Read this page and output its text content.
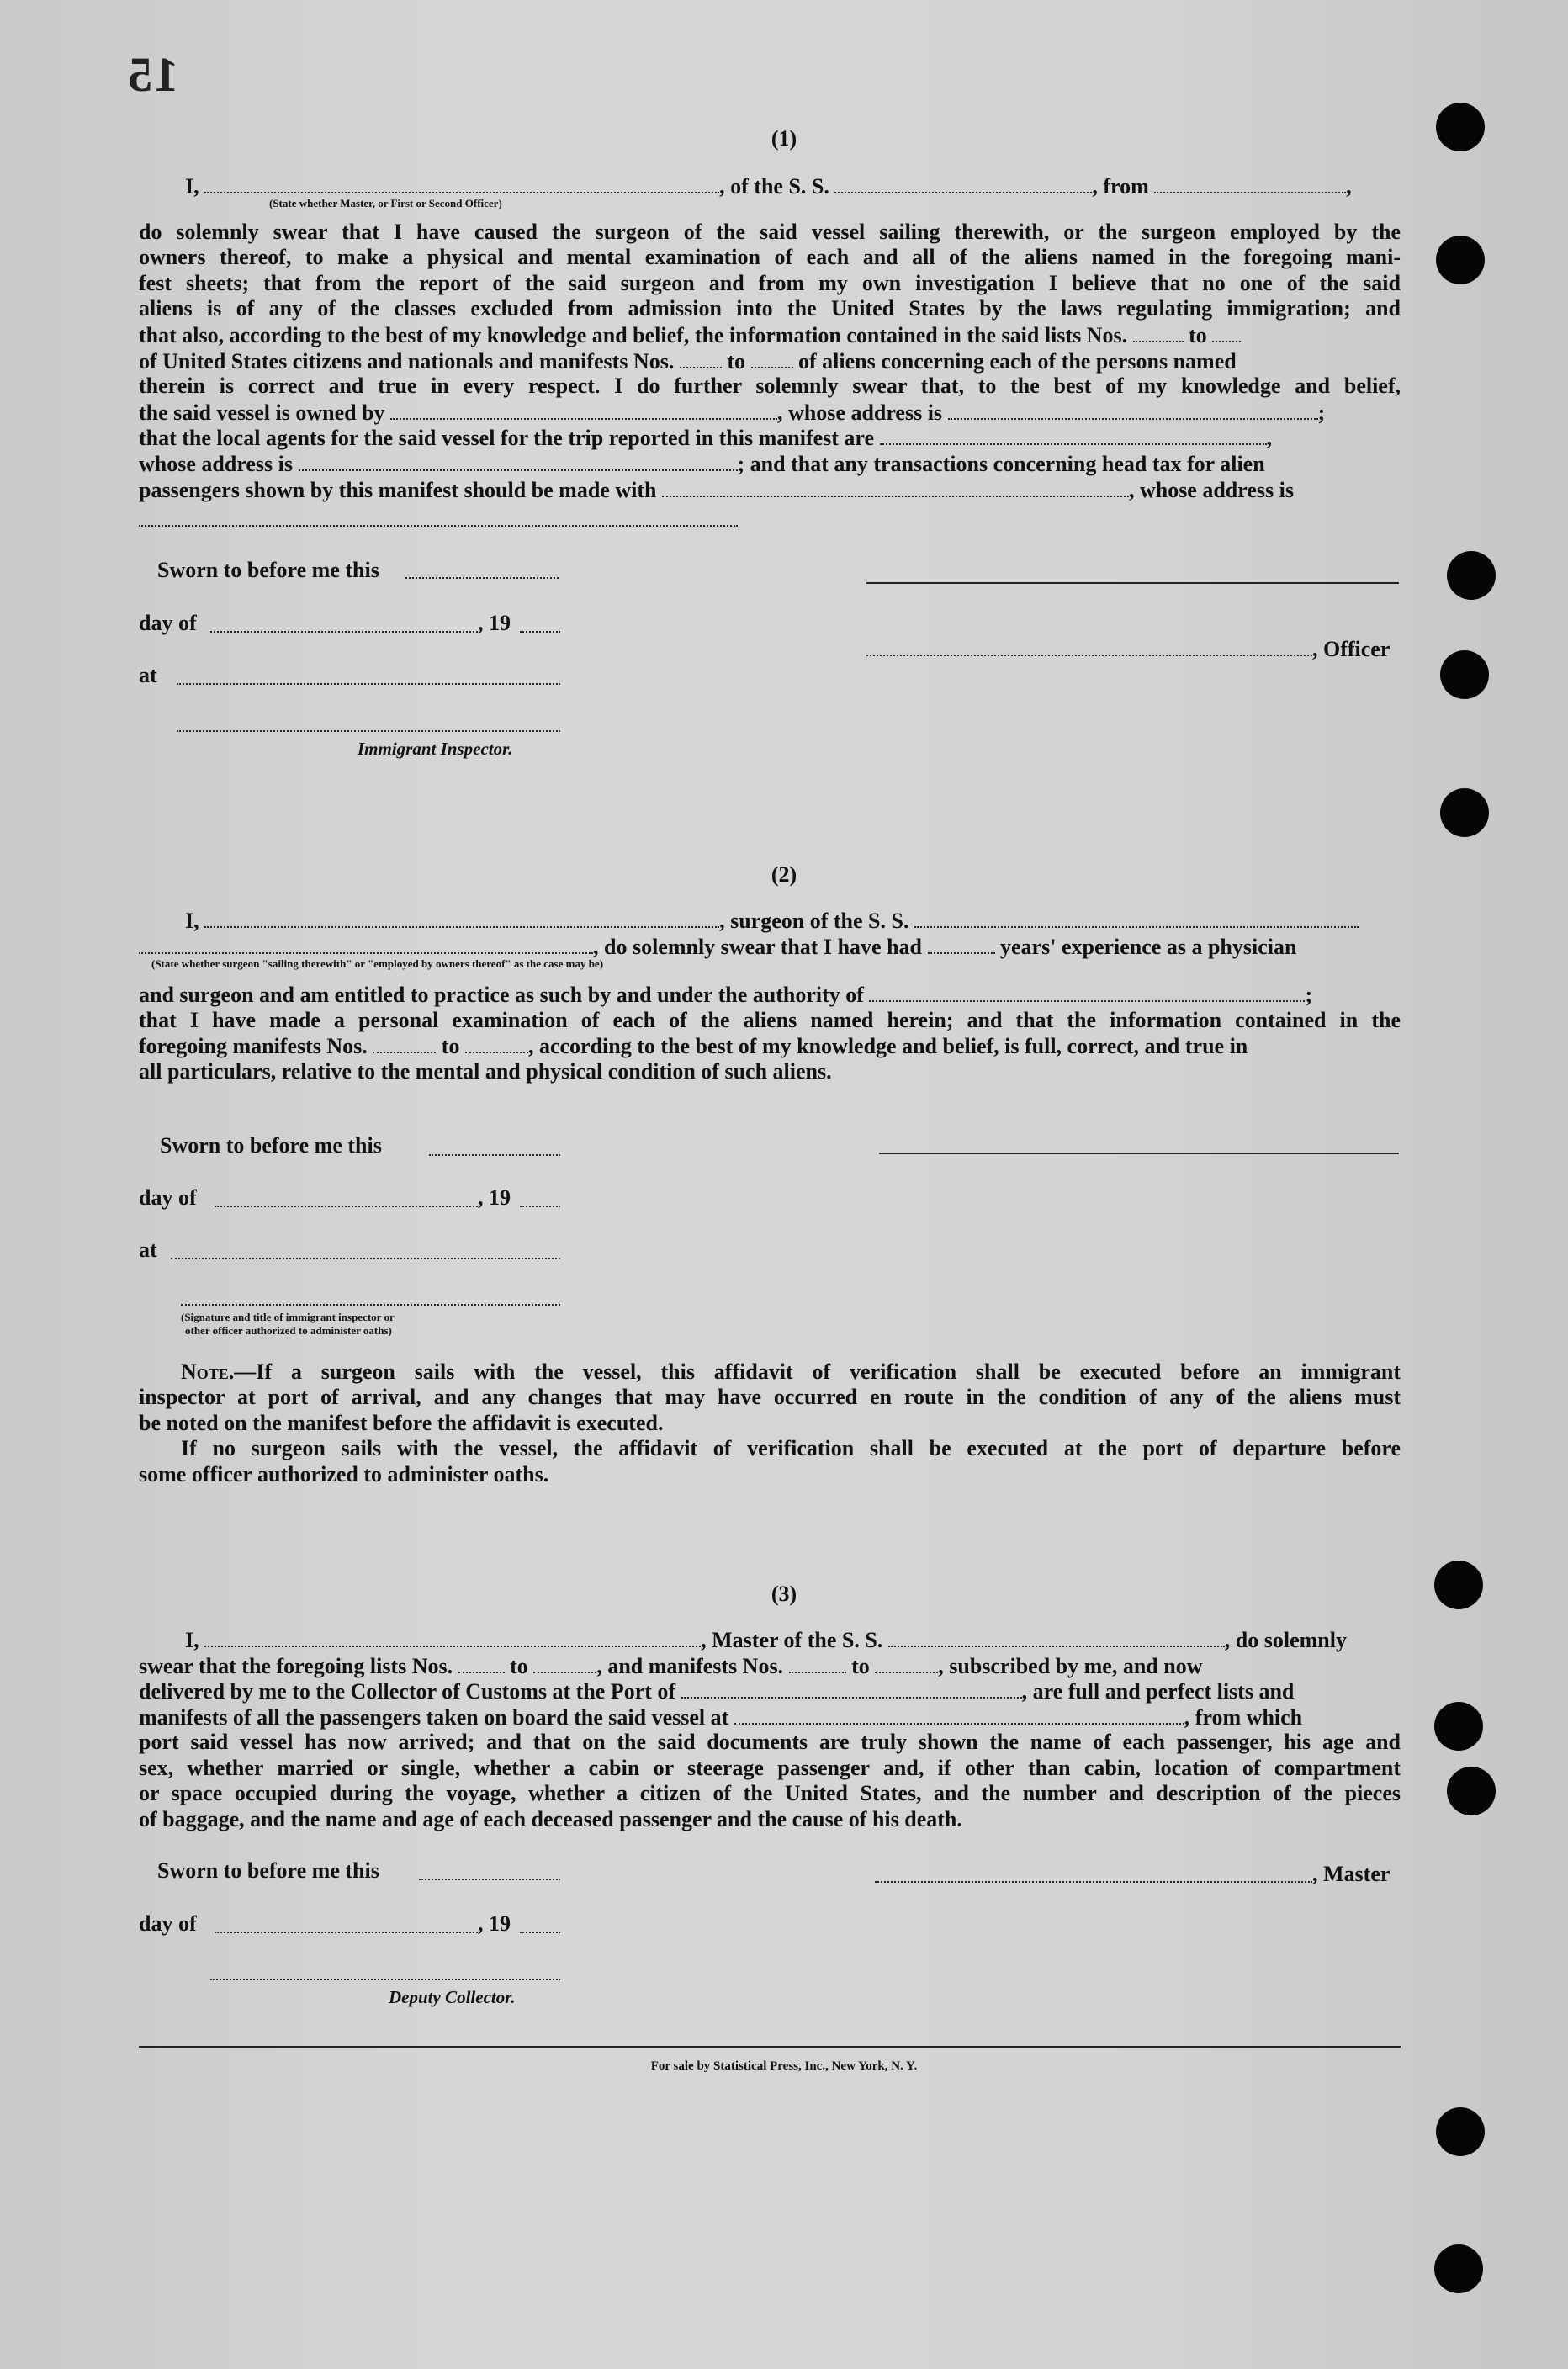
15
(1)
I,	, of the S. S.	, from	,
(State whether Master, or First or Second Officer)
do solemnly swear that I have caused the surgeon of the said vessel sailing therewith, or the surgeon employed by the
owners thereof, to make a physical and mental examination of each and all of the aliens named in the foregoing mani-
fest sheets; that from the report of the said surgeon and from my own investigation I believe that no one of the said
aliens is of any of the classes excluded from admission into the United States by the laws regulating immigration; and
that also, according to the best of my knowledge and belief, the information contained in the said lists Nos.	to
of United States citizens and nationals and manifests Nos. to of aliens concerning each of the persons named
therein is correct and true in every respect. I do further solemnly swear that, to the best of my knowledge and belief,
the said vessel is owned by	, whose address is	;
that the local agents for the said vessel for the trip reported in this manifest are	,
whose address is	; and that any transactions concerning head tax for alien
passengers shown by this manifest should be made with	, whose address is
Sworn to before me this
day of	, 19
, Officer
at
Immigrant Inspector.
(2)
I,	, surgeon of the S. S.
, do solemnly swear that I have had	years' experience as a physician
(State whether surgeon "sailing therewith" or "employed by owners thereof" as the case may be)
and surgeon and am entitled to practice as such by and under the authority of	;
that I have made a personal examination of each of the aliens named herein; and that the information contained in the
foregoing manifests Nos.	to	, according to the best of my knowledge and belief, is full, correct, and true in
all particulars, relative to the mental and physical condition of such aliens.
Sworn to before me this
day of	, 19
at
(Signature and title of immigrant inspector or
other officer authorized to administer oaths)
Note.—If a surgeon sails with the vessel, this affidavit of verification shall be executed before an immigrant
inspector at port of arrival, and any changes that may have occurred en route in the condition of any of the aliens must
be noted on the manifest before the affidavit is executed.
If no surgeon sails with the vessel, the affidavit of verification shall be executed at the port of departure before
some officer authorized to administer oaths.
(3)
I,	, Master of the S. S.	, do solemnly
swear that the foregoing lists Nos.	to	, and manifests Nos.	to	, subscribed by me, and now
delivered by me to the Collector of Customs at the Port of	, are full and perfect lists and
manifests of all the passengers taken on board the said vessel at	, from which
port said vessel has now arrived; and that on the said documents are truly shown the name of each passenger, his age and
sex, whether married or single, whether a cabin or steerage passenger and, if other than cabin, location of compartment
or space occupied during the voyage, whether a citizen of the United States, and the number and description of the pieces
of baggage, and the name and age of each deceased passenger and the cause of his death.
Sworn to before me this	, Master
day of	, 19
Deputy Collector.
For sale by Statistical Press, Inc., New York, N. Y.
